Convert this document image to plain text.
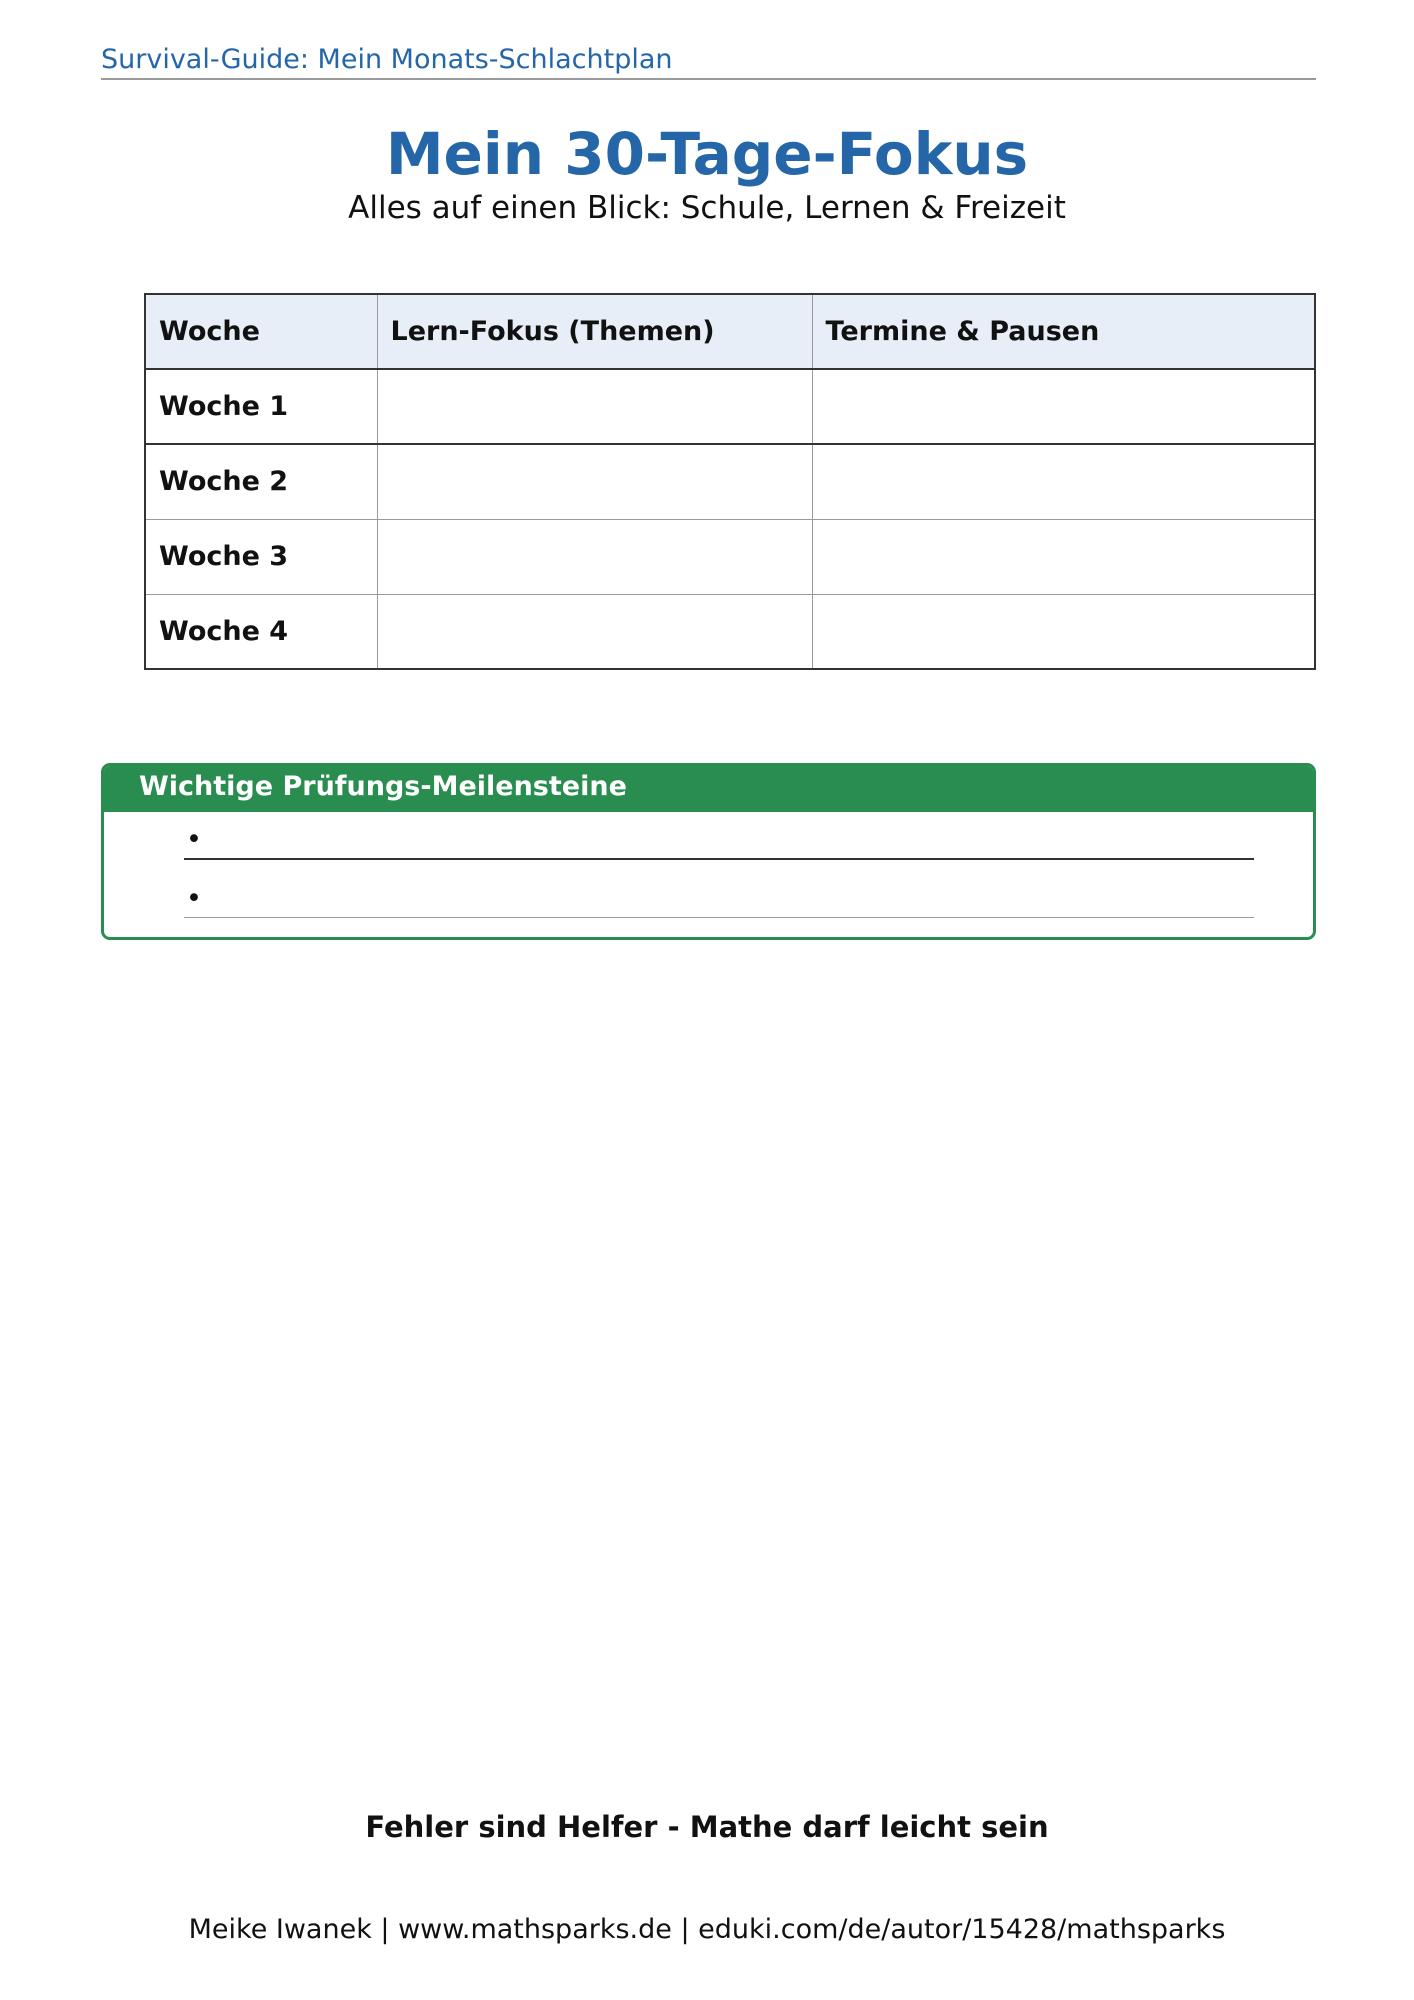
Survival-Guide: Mein Monats-Schlachtplan
Mein 30-Tage-Fokus
Alles auf einen Blick: Schule, Lernen & Freizeit
Woche	Lern-Fokus (Themen)	Termine & Pausen
Woche 1		
Woche 2		
Woche 3		
Woche 4		
Wichtige Prüfungs-Meilensteine
•
•
Fehler sind Helfer - Mathe darf leicht sein
Meike Iwanek | www.mathsparks.de | eduki.com/de/autor/15428/mathsparks
